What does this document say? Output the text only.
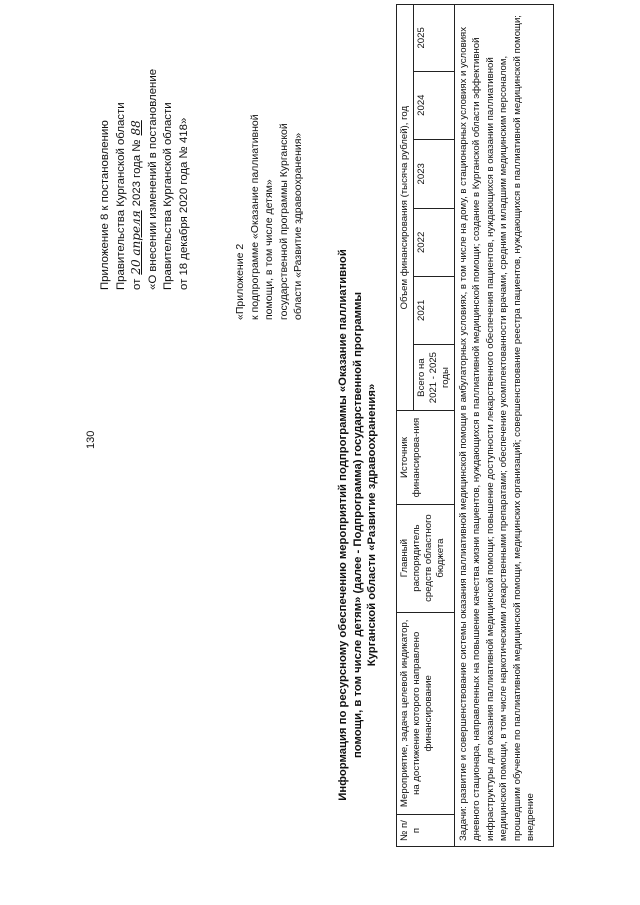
130
Приложение 8 к постановлению Правительства Курганской области от20 апреля2023 года №88 «О внесении изменений в постановление Правительства Курганской области от 18 декабря 2020 года № 418»	«Приложение 2 к подпрограмме «Оказание паллиативной помощи, в том числе детям» государственной программы Курганской области «Развитие здравоохранения»
Информация по ресурсному обеспечению мероприятий подпрограммы «Оказание паллиативной помощи, в том числе детям» (далее - Подпрограмма) государственной программы Курганской области «Развитие здравоохранения»
№ п/п	Мероприятие, задача целевой индикатор, на достижение которого направлено финансирование	Главный распорядитель средств областного бюджета	Источник финансирова-ния	Объем финансирования (тысяча рублей), год					
				Всего на 2021 - 2025 годы	2021	2022	2023	2024	2025
Задачи: развитие и совершенствование системы оказания паллиативной медицинской помощи в амбулаторных условиях, в том числе на дому, в стационарных условиях и условиях дневного стационара, направленных на повышение качества жизни пациентов, нуждающихся в паллиативной медицинской помощи; создание в Курганской области эффективной инфраструктуры для оказания паллиативной медицинской помощи; повышение доступности лекарственного обеспечения пациентов, нуждающихся в оказании паллиативной медицинской помощи, в том числе наркотическими лекарственными препаратами; обеспечение укомплектованности врачами, средним и младшим медицинским персоналом, прошедшим обучение по паллиативной медицинской помощи, медицинских организаций; совершенствование реестра пациентов, нуждающихся в паллиативной медицинской помощи; внедрение									
